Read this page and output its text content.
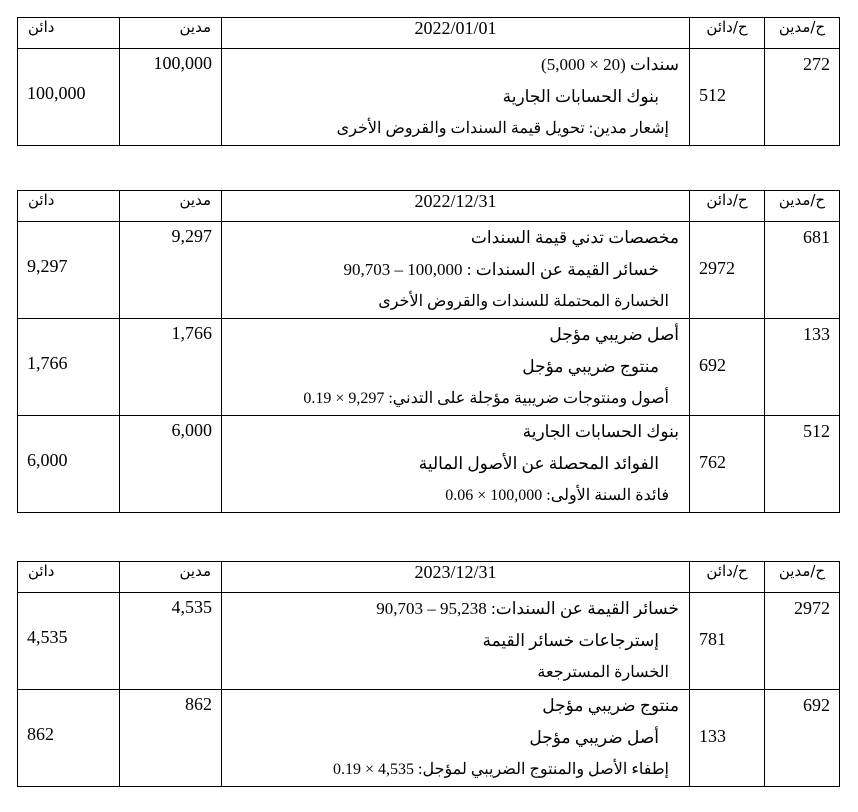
دائن	مدين	2022/01/01	ح/دائن	ح/مدين

100,000	100,000	سندات (20 × 5,000)
بنوك الحسابات الجارية
إشعار مدين: تحويل قيمة السندات والقروض الأخرى	512	272
دائن	مدين	2022/12/31	ح/دائن	ح/مدين

9,297	9,297	مخصصات تدني قيمة السندات
خسائر القيمة عن السندات : 100,000 – 90,703
الخسارة المحتملة للسندات والقروض الأخرى	2972	681

1,766	1,766	أصل ضريبي مؤجل
منتوج ضريبي مؤجل
أصول ومنتوجات ضريبية مؤجلة على التدني: 9,297 × 0.19	692	133

6,000	6,000	بنوك الحسابات الجارية
الفوائد المحصلة عن الأصول المالية
فائدة السنة الأولى: 100,000 × 0.06	762	512
دائن	مدين	2023/12/31	ح/دائن	ح/مدين

4,535	4,535	خسائر القيمة عن السندات: 95,238 – 90,703
إسترجاعات خسائر القيمة
الخسارة المسترجعة	781	2972

862	862	منتوج ضريبي مؤجل
أصل ضريبي مؤجل
إطفاء الأصل والمنتوج الضريبي لمؤجل: 4,535 × 0.19	133	692
